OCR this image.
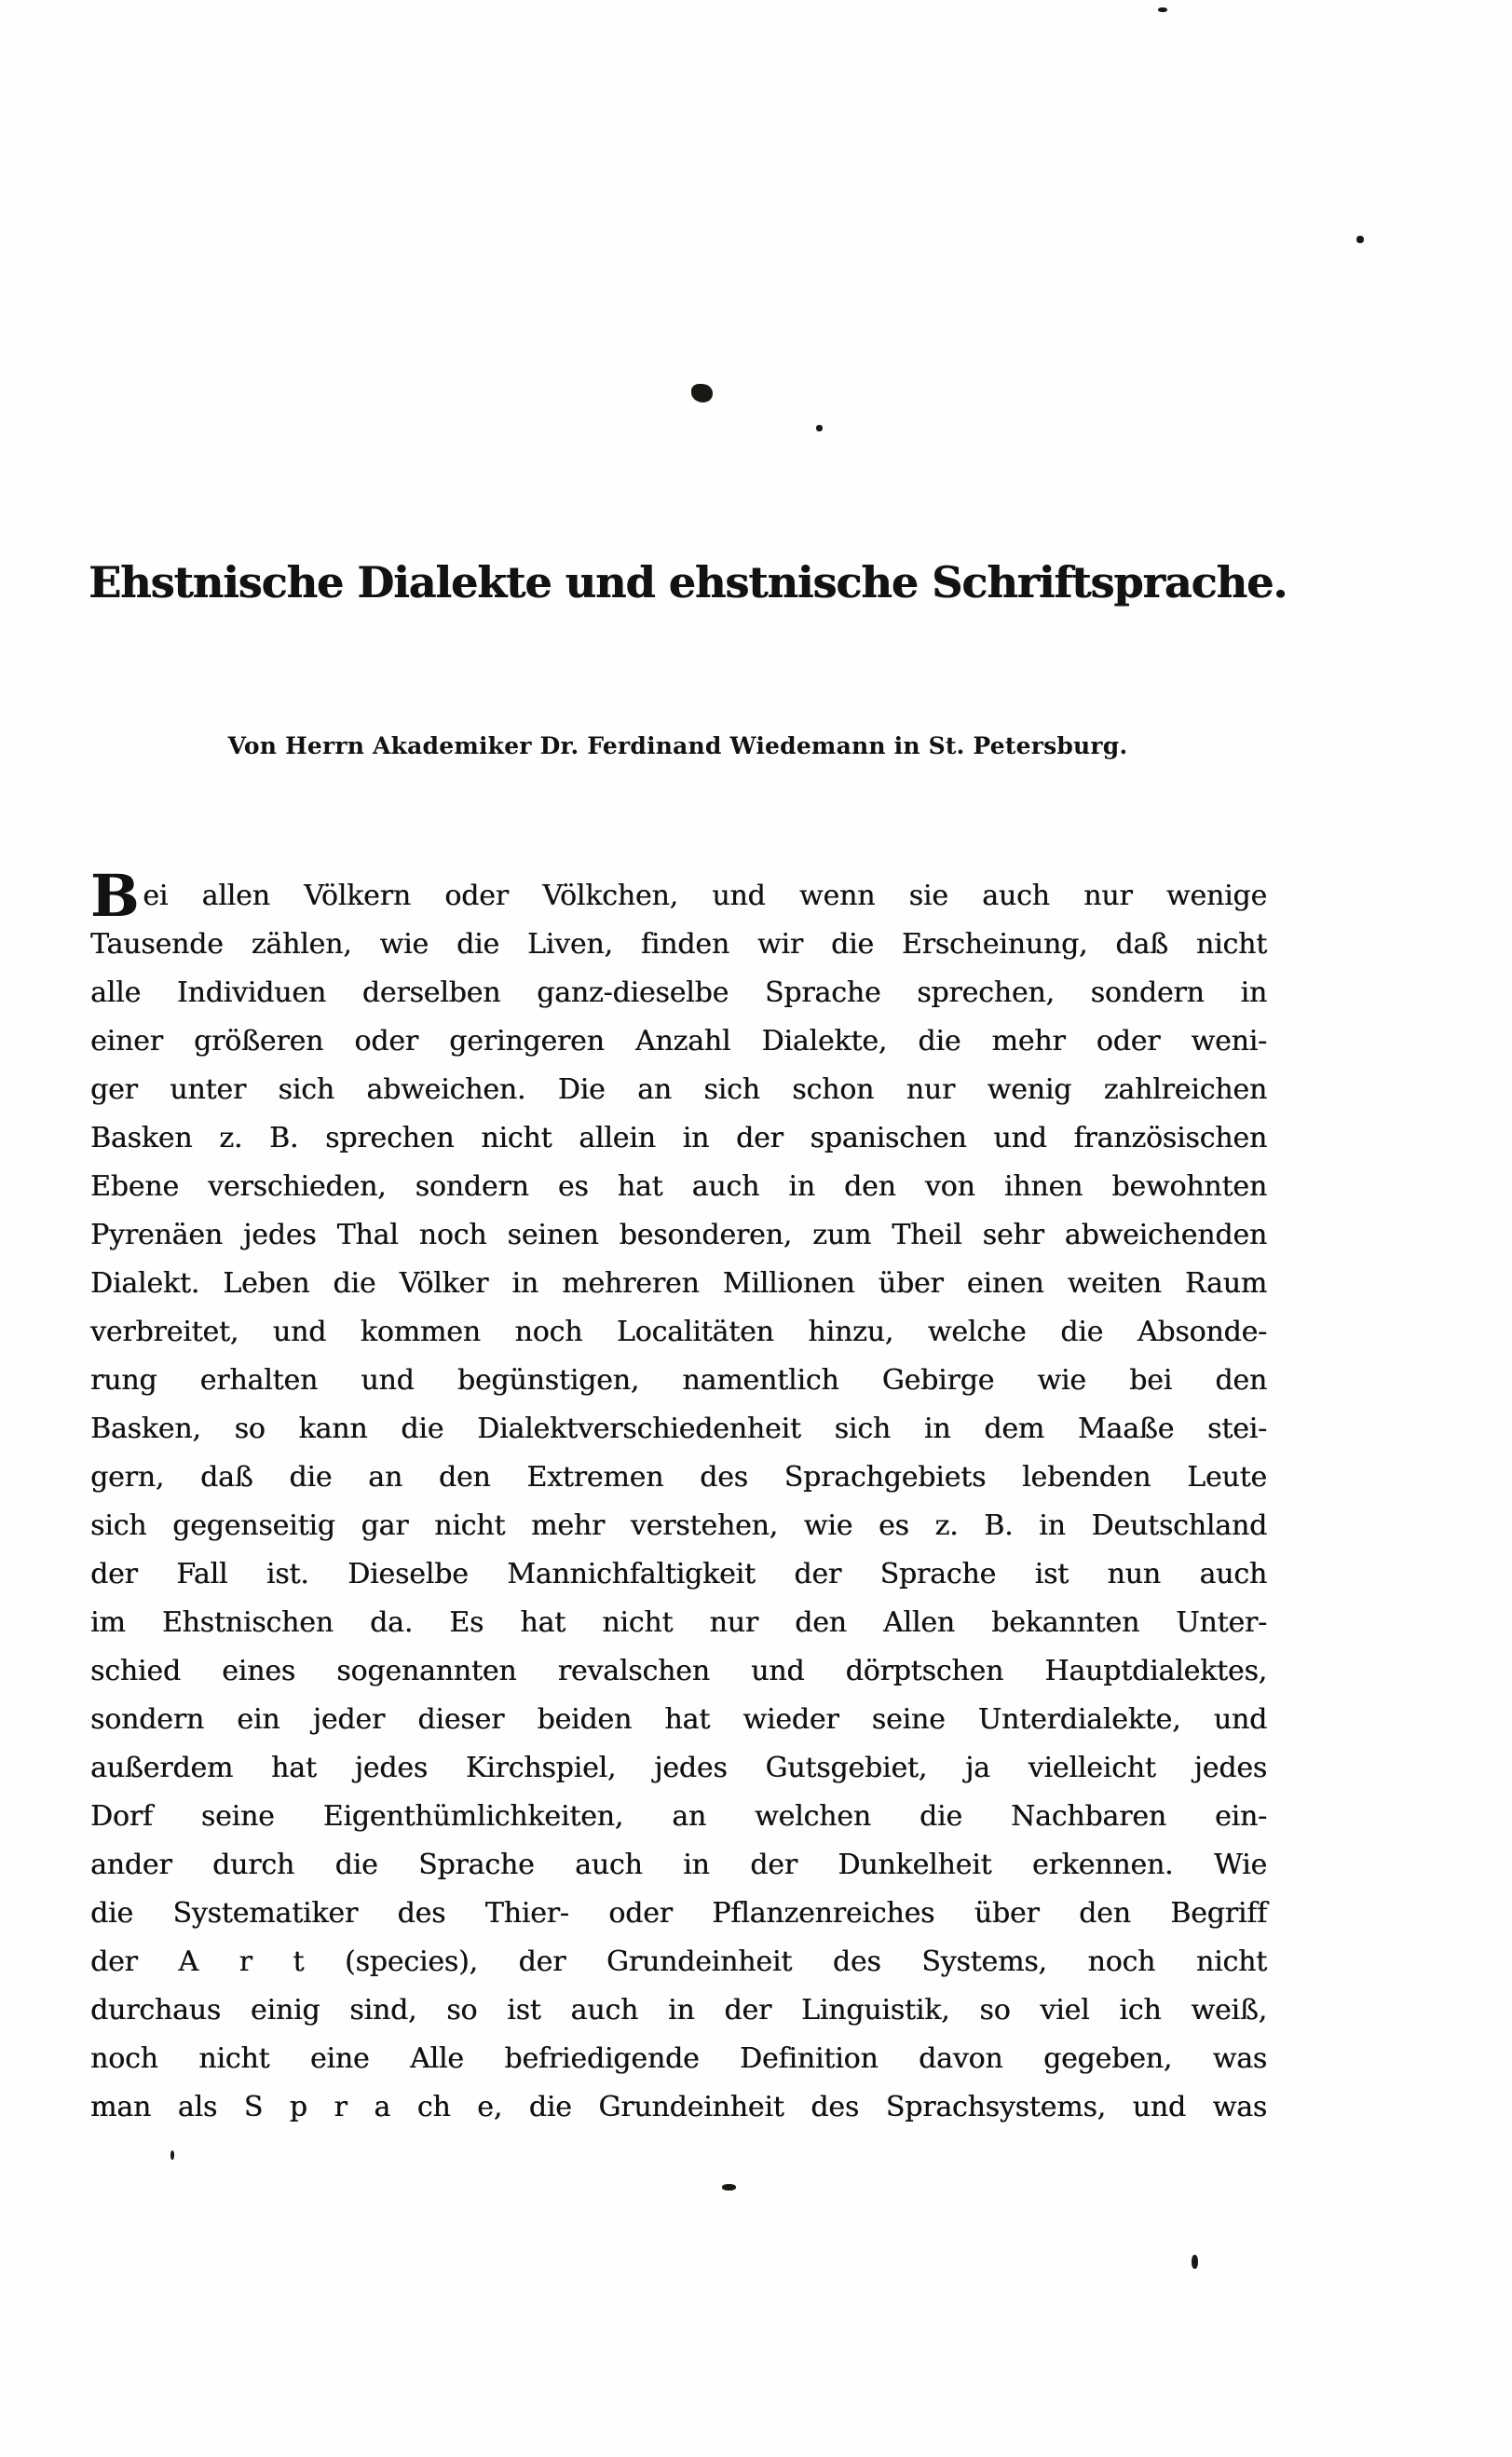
Ehstnische Dialekte und ehstnische Schriftsprache.
Von Herrn Akademiker Dr. Ferdinand Wiedemann in St. Petersburg.
B ei allen Völkern oder Völkchen, und wenn sie auch nur wenige
Tausende zählen, wie die Liven, finden wir die Erscheinung, daß nicht
alle Individuen derselben ganz-dieselbe Sprache sprechen, sondern in
einer größeren oder geringeren Anzahl Dialekte, die mehr oder weni-
ger unter sich abweichen. Die an sich schon nur wenig zahlreichen
Basken z. B. sprechen nicht allein in der spanischen und französischen
Ebene verschieden, sondern es hat auch in den von ihnen bewohnten
Pyrenäen jedes Thal noch seinen besonderen, zum Theil sehr abweichenden
Dialekt. Leben die Völker in mehreren Millionen über einen weiten Raum
verbreitet, und kommen noch Localitäten hinzu, welche die Absonde-
rung erhalten und begünstigen, namentlich Gebirge wie bei den
Basken, so kann die Dialektverschiedenheit sich in dem Maaße stei-
gern, daß die an den Extremen des Sprachgebiets lebenden Leute
sich gegenseitig gar nicht mehr verstehen, wie es z. B. in Deutschland
der Fall ist. Dieselbe Mannichfaltigkeit der Sprache ist nun auch
im Ehstnischen da. Es hat nicht nur den Allen bekannten Unter-
schied eines sogenannten revalschen und dörptschen Hauptdialektes,
sondern ein jeder dieser beiden hat wieder seine Unterdialekte, und
außerdem hat jedes Kirchspiel, jedes Gutsgebiet, ja vielleicht jedes
Dorf seine Eigenthümlichkeiten, an welchen die Nachbaren ein-
ander durch die Sprache auch in der Dunkelheit erkennen. Wie
die Systematiker des Thier- oder Pflanzenreiches über den Begriff
der A r t (species), der Grundeinheit des Systems, noch nicht
durchaus einig sind, so ist auch in der Linguistik, so viel ich weiß,
noch nicht eine Alle befriedigende Definition davon gegeben, was
man als S p r a ch e, die Grundeinheit des Sprachsystems, und was
